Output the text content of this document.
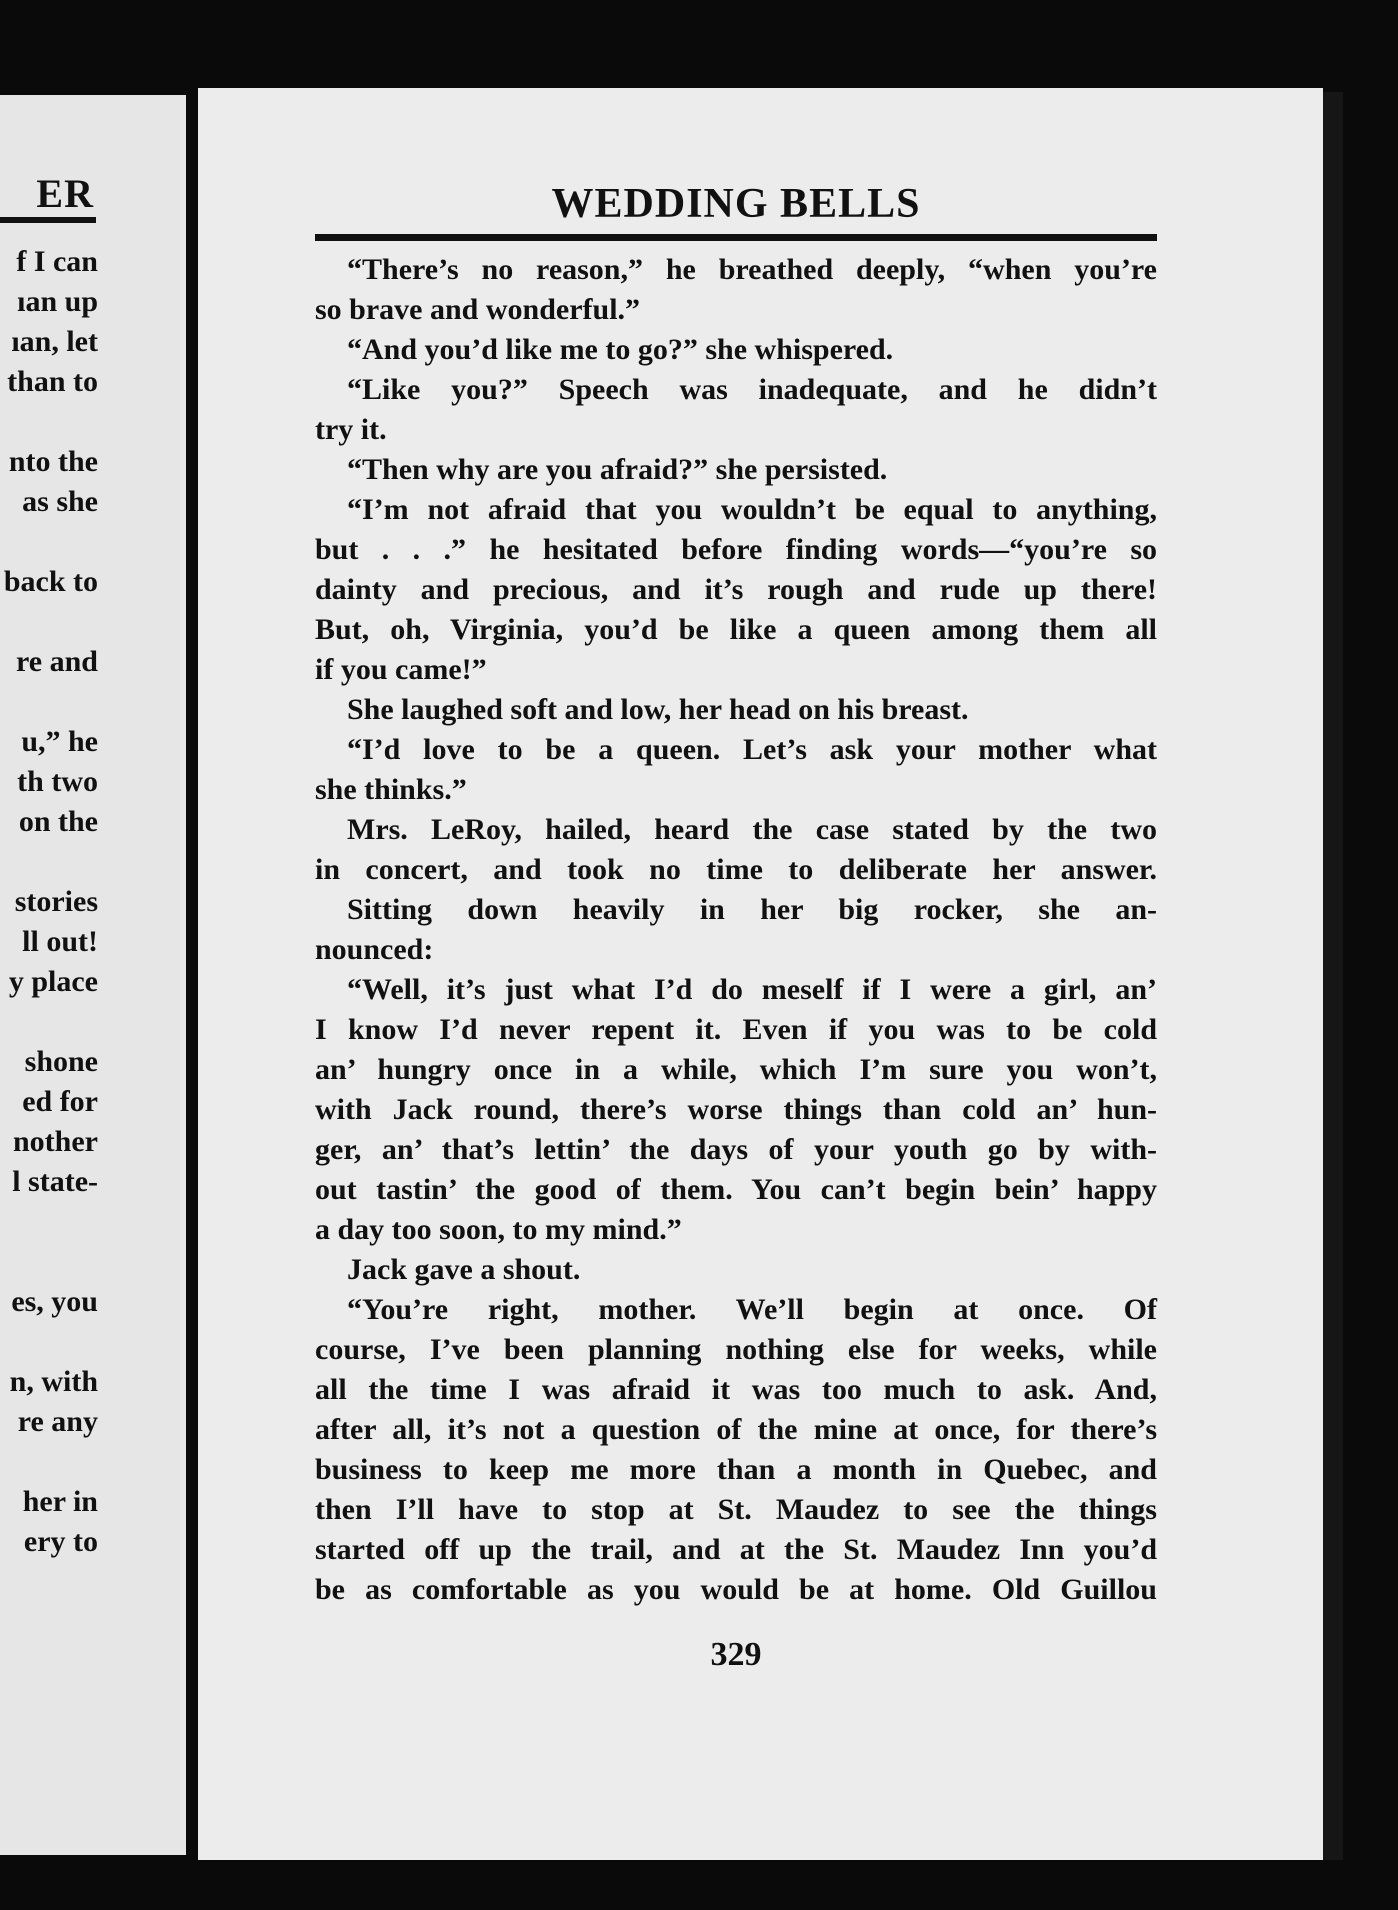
ER
f I can
ıan up
ıan, let
than to
nto the
as she
back to
re and
u,” he
th two
on the
stories
ll out!
y place
shone
ed for
nother
l state-
es, you
n, with
re any
her in
ery to
WEDDING BELLS
“There’s no reason,” he breathed deeply, “when you’re
so brave and wonderful.”
“And you’d like me to go?” she whispered.
“Like you?” Speech was inadequate, and he didn’t
try it.
“Then why are you afraid?” she persisted.
“I’m not afraid that you wouldn’t be equal to anything,
but . . .” he hesitated before finding words—“you’re so
dainty and precious, and it’s rough and rude up there!
But, oh, Virginia, you’d be like a queen among them all
if you came!”
She laughed soft and low, her head on his breast.
“I’d love to be a queen. Let’s ask your mother what
she thinks.”
Mrs. LeRoy, hailed, heard the case stated by the two
in concert, and took no time to deliberate her answer.
Sitting down heavily in her big rocker, she an-
nounced:
“Well, it’s just what I’d do meself if I were a girl, an’
I know I’d never repent it. Even if you was to be cold
an’ hungry once in a while, which I’m sure you won’t,
with Jack round, there’s worse things than cold an’ hun-
ger, an’ that’s lettin’ the days of your youth go by with-
out tastin’ the good of them. You can’t begin bein’ happy
a day too soon, to my mind.”
Jack gave a shout.
“You’re right, mother. We’ll begin at once. Of
course, I’ve been planning nothing else for weeks, while
all the time I was afraid it was too much to ask. And,
after all, it’s not a question of the mine at once, for there’s
business to keep me more than a month in Quebec, and
then I’ll have to stop at St. Maudez to see the things
started off up the trail, and at the St. Maudez Inn you’d
be as comfortable as you would be at home. Old Guillou
329
